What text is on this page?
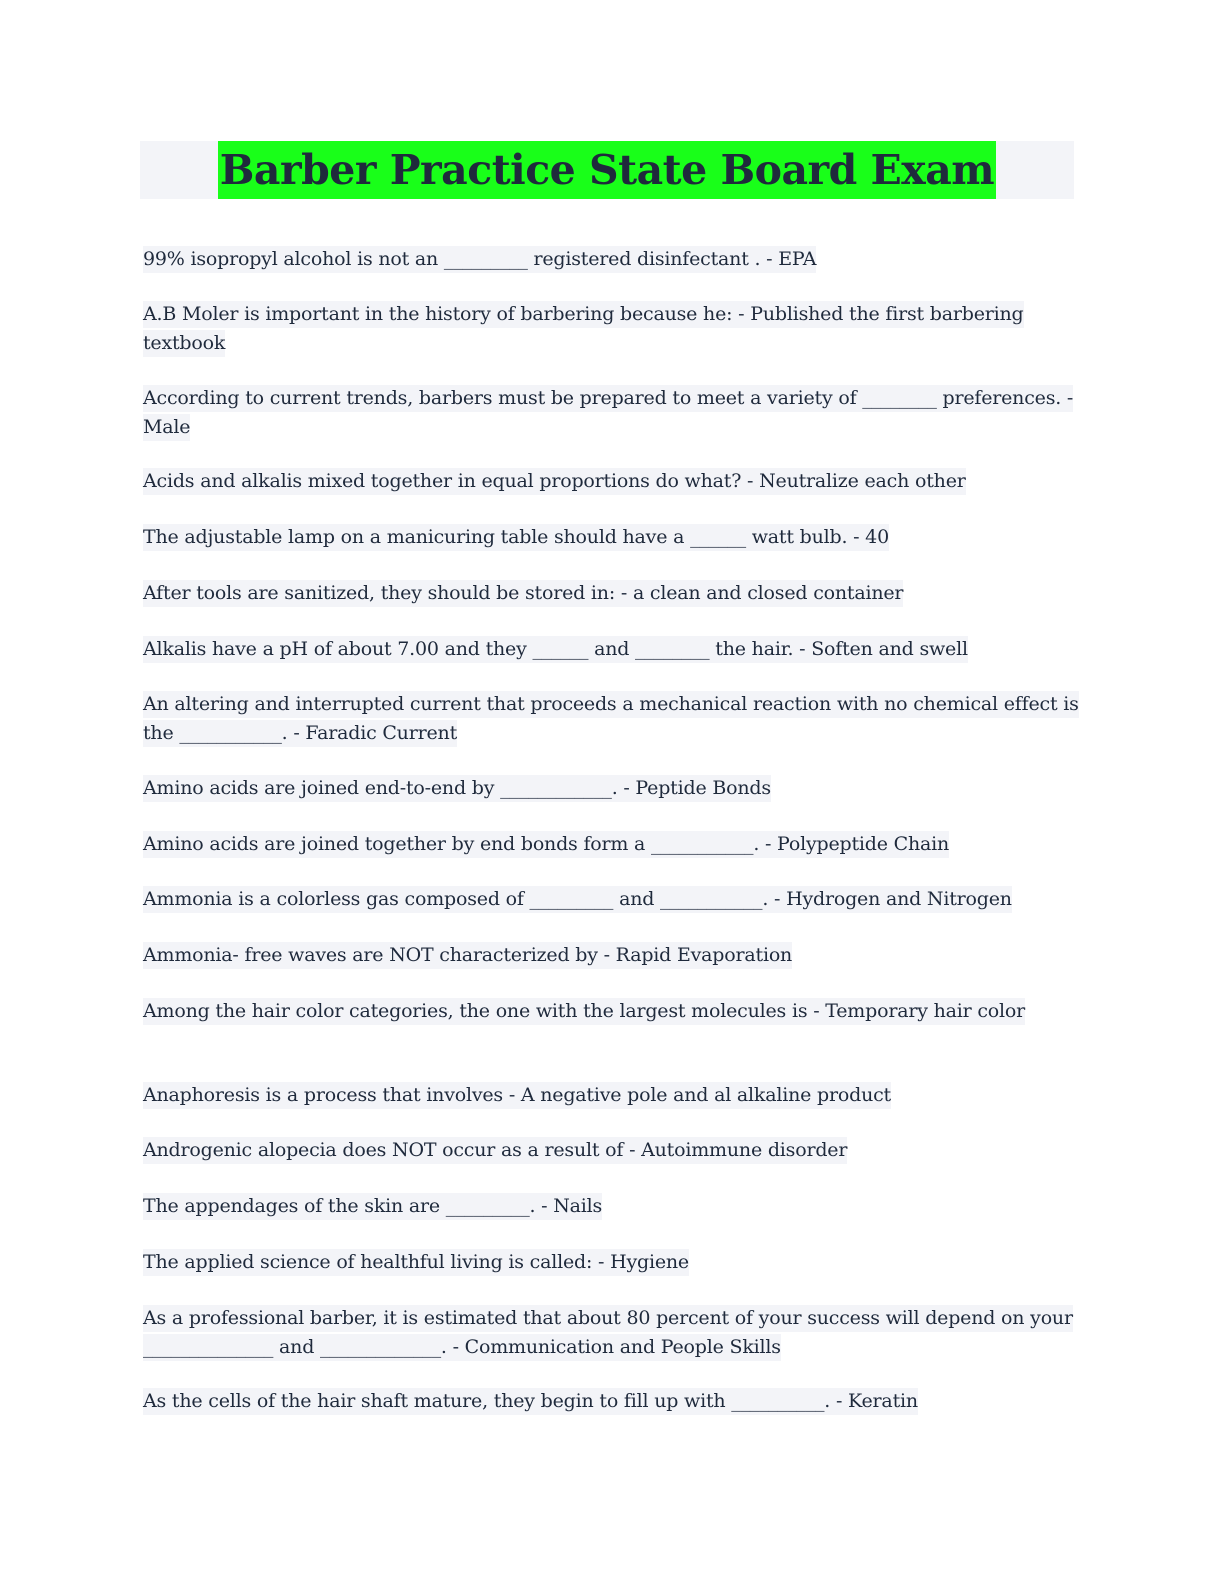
Barber Practice State Board Exam

99% isopropyl alcohol is not an _________ registered disinfectant . - EPA

A.B Moler is important in the history of barbering because he: - Published the first barbering textbook

According to current trends, barbers must be prepared to meet a variety of ________ preferences. - Male

Acids and alkalis mixed together in equal proportions do what? - Neutralize each other

The adjustable lamp on a manicuring table should have a ______ watt bulb. - 40

After tools are sanitized, they should be stored in: - a clean and closed container

Alkalis have a pH of about 7.00 and they ______ and ________ the hair. - Soften and swell

An altering and interrupted current that proceeds a mechanical reaction with no chemical effect is the ___________. - Faradic Current

Amino acids are joined end-to-end by ____________. - Peptide Bonds

Amino acids are joined together by end bonds form a ___________. - Polypeptide Chain

Ammonia is a colorless gas composed of _________ and ___________. - Hydrogen and Nitrogen

Ammonia- free waves are NOT characterized by - Rapid Evaporation

Among the hair color categories, the one with the largest molecules is - Temporary hair color

Anaphoresis is a process that involves - A negative pole and al alkaline product

Androgenic alopecia does NOT occur as a result of - Autoimmune disorder

The appendages of the skin are _________. - Nails

The applied science of healthful living is called: - Hygiene

As a professional barber, it is estimated that about 80 percent of your success will depend on your ______________ and _____________. - Communication and People Skills

As the cells of the hair shaft mature, they begin to fill up with __________. - Keratin
